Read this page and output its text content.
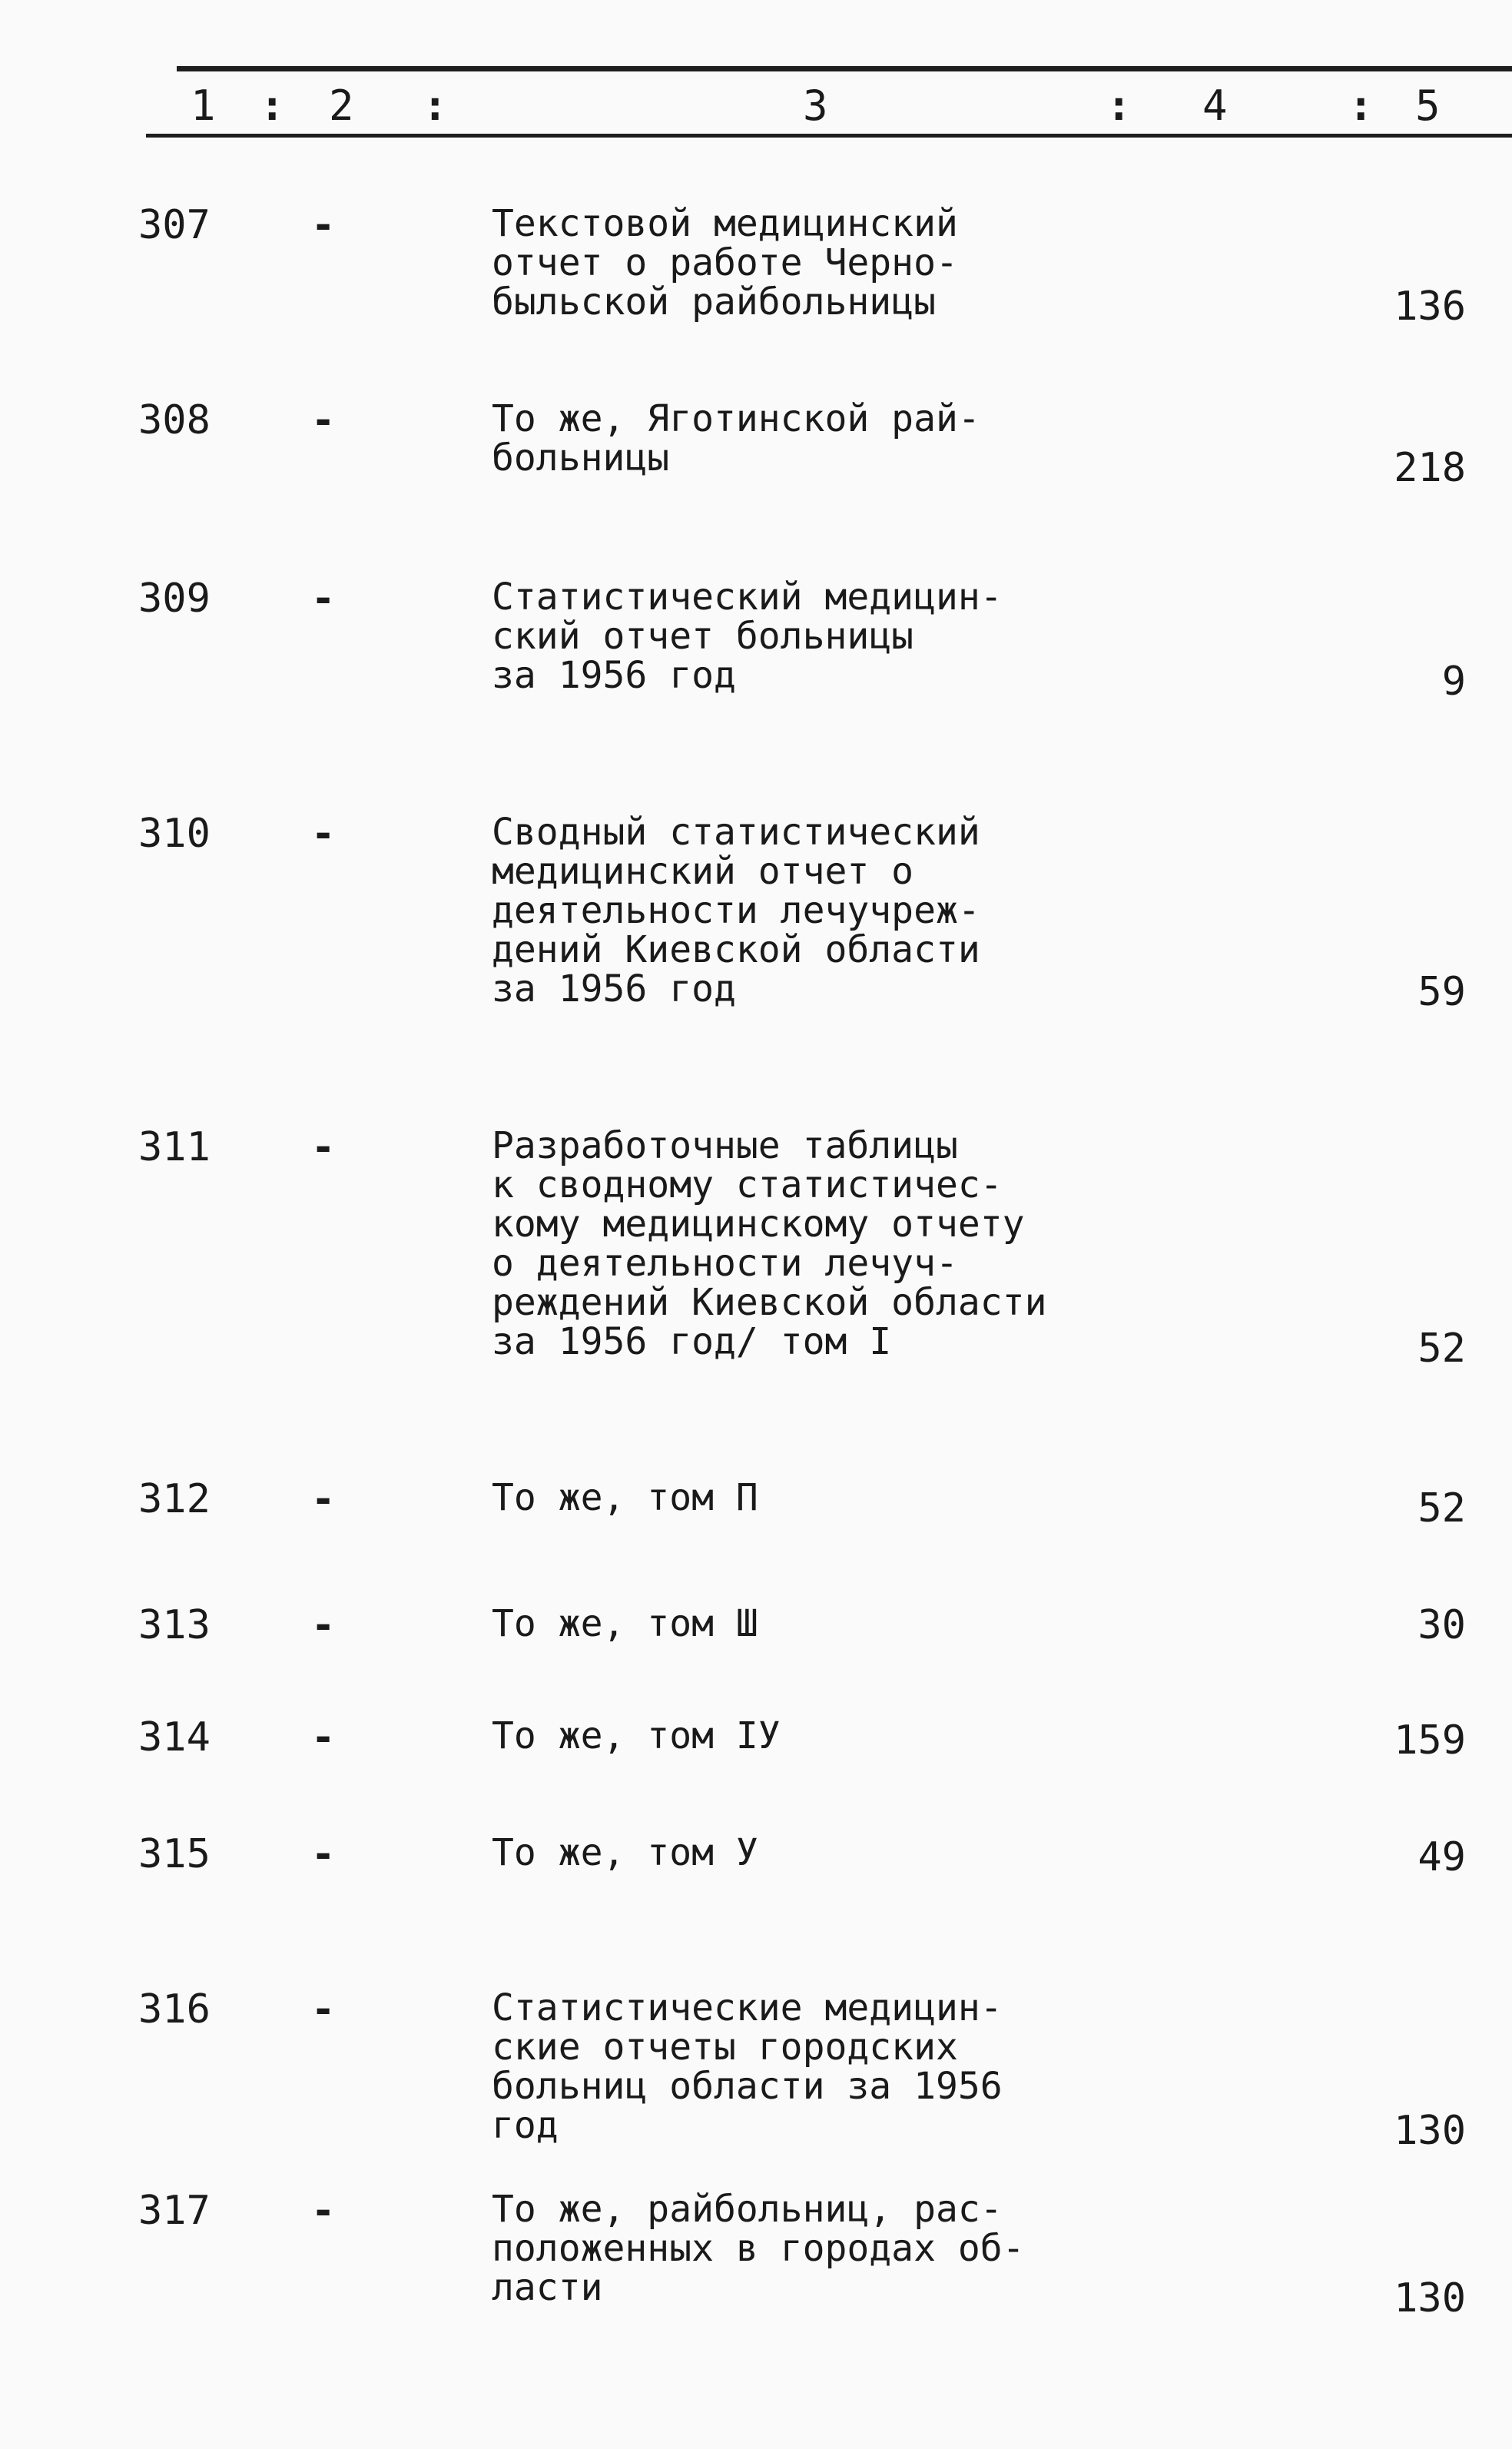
1 : 2 :	3	: 4	: 5
307	-	Текстовой медицинский
отчет о работе Черно-
быльской райбольницы	136
308	-	То же, Яготинской рай-
больницы	218
309	-	Статистический медицин-
ский отчет больницы
за 1956 год	9
310	-	Сводный статистический
медицинский отчет о
деятельности лечучреж-
дений Киевской области
за 1956 год	59
311	-	Разработочные таблицы
к сводному статистичес-
кому медицинскому отчету
о деятельности лечуч-
реждений Киевской области
за 1956 год/ том I	52
312	-	То же, том П	52
313	-	То же, том Ш	30
314	-	То же, том IУ	159
315	-	То же, том У	49
316	-	Статистические медицин-
ские отчеты городских
больниц области за 1956
год	130
317	-	То же, райбольниц, рас-
положенных в городах об-
ласти	130
